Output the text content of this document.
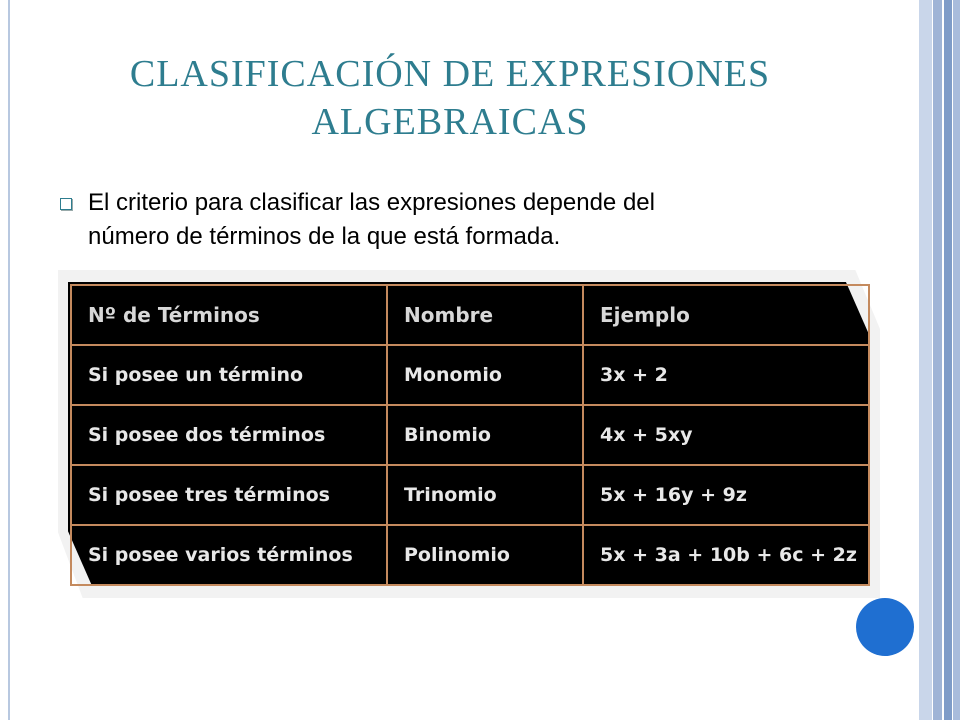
CLASIFICACIÓN DE EXPRESIONES
ALGEBRAICAS
El criterio para clasificar las expresiones depende del
número de términos de la que está formada.
Nº de Términos	Nombre	Ejemplo
Si posee un término	Monomio	3x + 2
Si posee dos términos	Binomio	4x + 5xy
Si posee tres términos	Trinomio	5x + 16y + 9z
Si posee varios términos	Polinomio	5x + 3a + 10b + 6c + 2z
